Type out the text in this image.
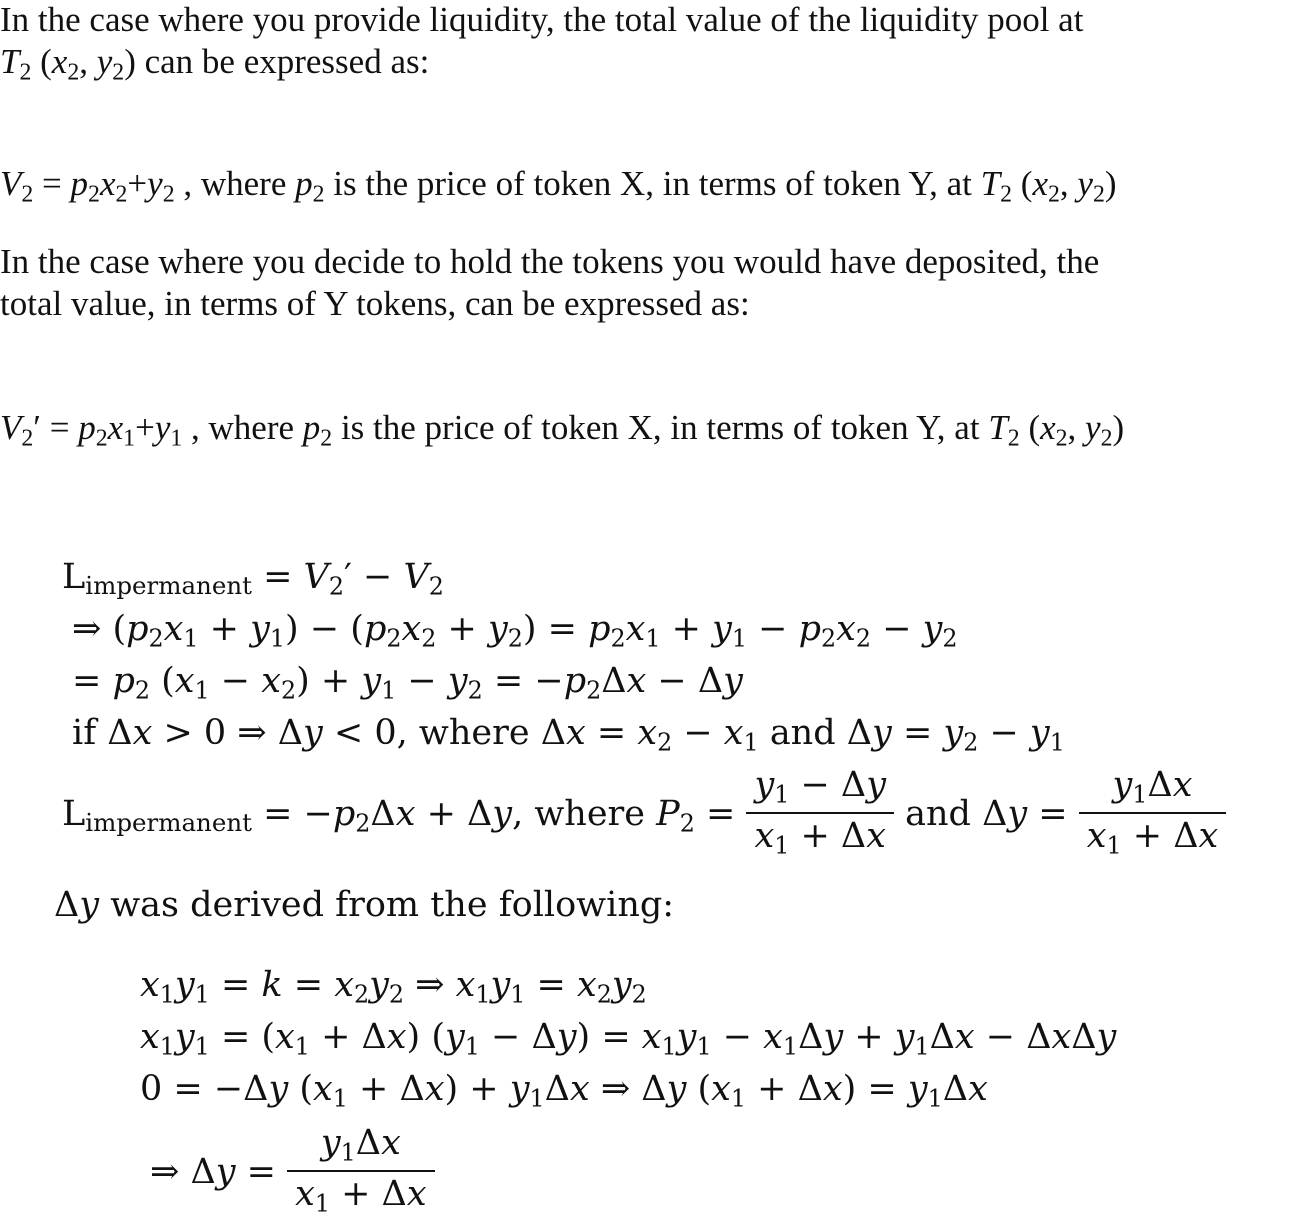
In the case where you provide liquidity, the total value of the liquidity pool at
$T_2$ ($x_2$, $y_2$) can be expressed as:
$V_2 = p_2x_2+y_2$ , where $p_2$ is the price of token X, in terms of token Y, at $T_2$ ($x_2$, $y_2$)
In the case where you decide to hold the tokens you would have deposited, the
total value, in terms of Y tokens, can be expressed as:
$V_2' = p_2x_1+y_1$ , where $p_2$ is the price of token X, in terms of token Y, at $T_2$ ($x_2$, $y_2$)
Limpermanent = $V_2' - V_2$
⇒ $(p_2x_1 + y_1) - (p_2x_2 + y_2) = p_2x_1 + y_1 - p_2x_2 - y_2$
= $p_2$ $(x_1 - x_2) + y_1 - y_2 = -p_2\Delta x - \Delta y$
if Δx > 0 ⇒ Δy < 0, where $\Delta x = x_2 - x_1$ and $\Delta y = y_2 - y_1$
Limpermanent = $-p_2\Delta x + \Delta y$, where $P_2 = \frac{y_1 - \Delta y}{x_1 + \Delta x}$ and $\Delta y = \frac{y_1\Delta x}{x_1 + \Delta x}$
Δy was derived from the following:
$x_1y_1 = k = x_2y_2$ ⇒ $x_1y_1 = x_2y_2$
$x_1y_1 = (x_1 + \Delta x) (y_1 - \Delta y) = x_1y_1 - x_1\Delta y + y_1\Delta x - \Delta x\Delta y$
0 = −Δy $(x_1 + \Delta x) + y_1\Delta x$ ⇒ Δy $(x_1 + \Delta x) = y_1\Delta x$
⇒ $\Delta y = \frac{y_1\Delta x}{x_1 + \Delta x}$
